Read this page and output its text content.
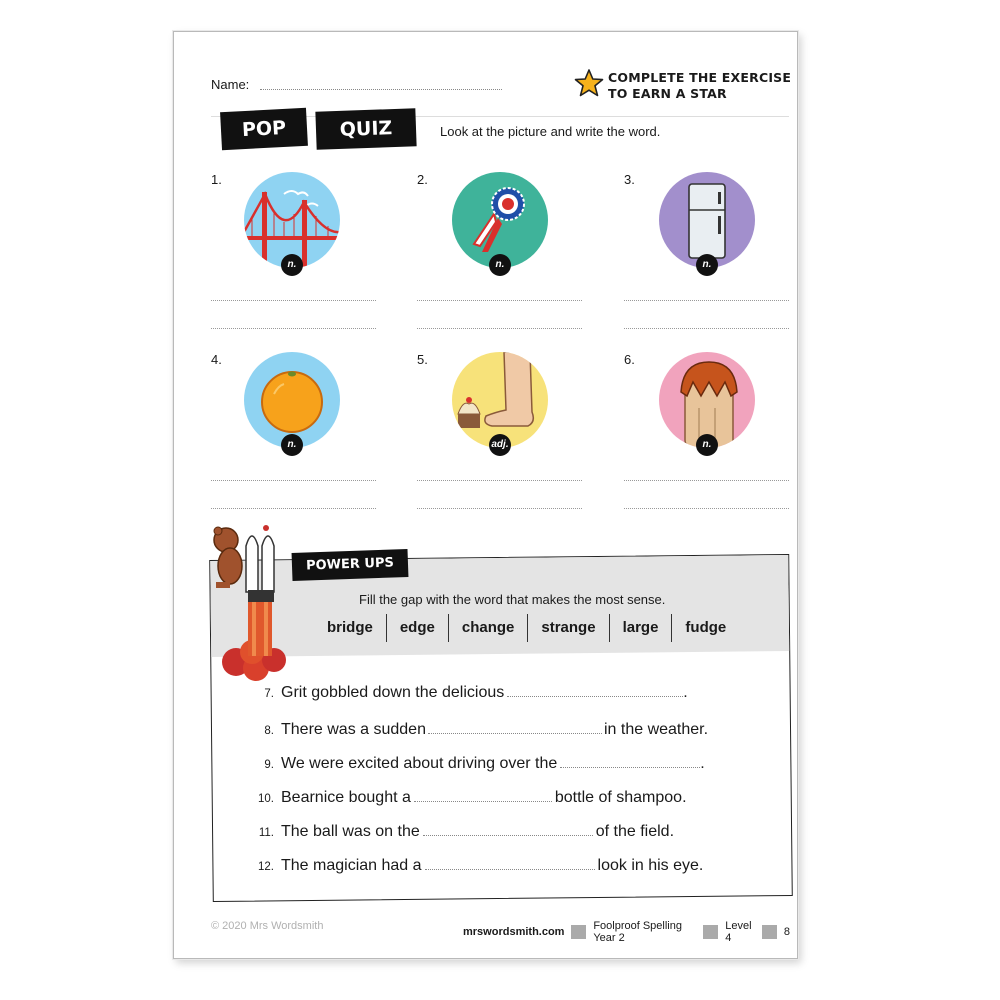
Name:	COMPLETE THE EXERCISE
TO EARN A STAR
POP	QUIZ	Look at the picture and write the word.
1.
n.
2.
n.
3.
n.
4.
n.
5.
adj.
6.
n.
POWER UPS
Fill the gap with the word that makes the most sense.
bridge	edge	change	strange	large	fudge
7. Grit gobbled down the delicious	.
8. There was a sudden	in the weather.
9. We were excited about driving over the	.
10. Bearnice bought a	bottle of shampoo.
11. The ball was on the	of the field.
12. The magician had a	look in his eye.
© 2020 Mrs Wordsmith	mrswordsmith.com	Foolproof Spelling Year 2
Level 4	8
